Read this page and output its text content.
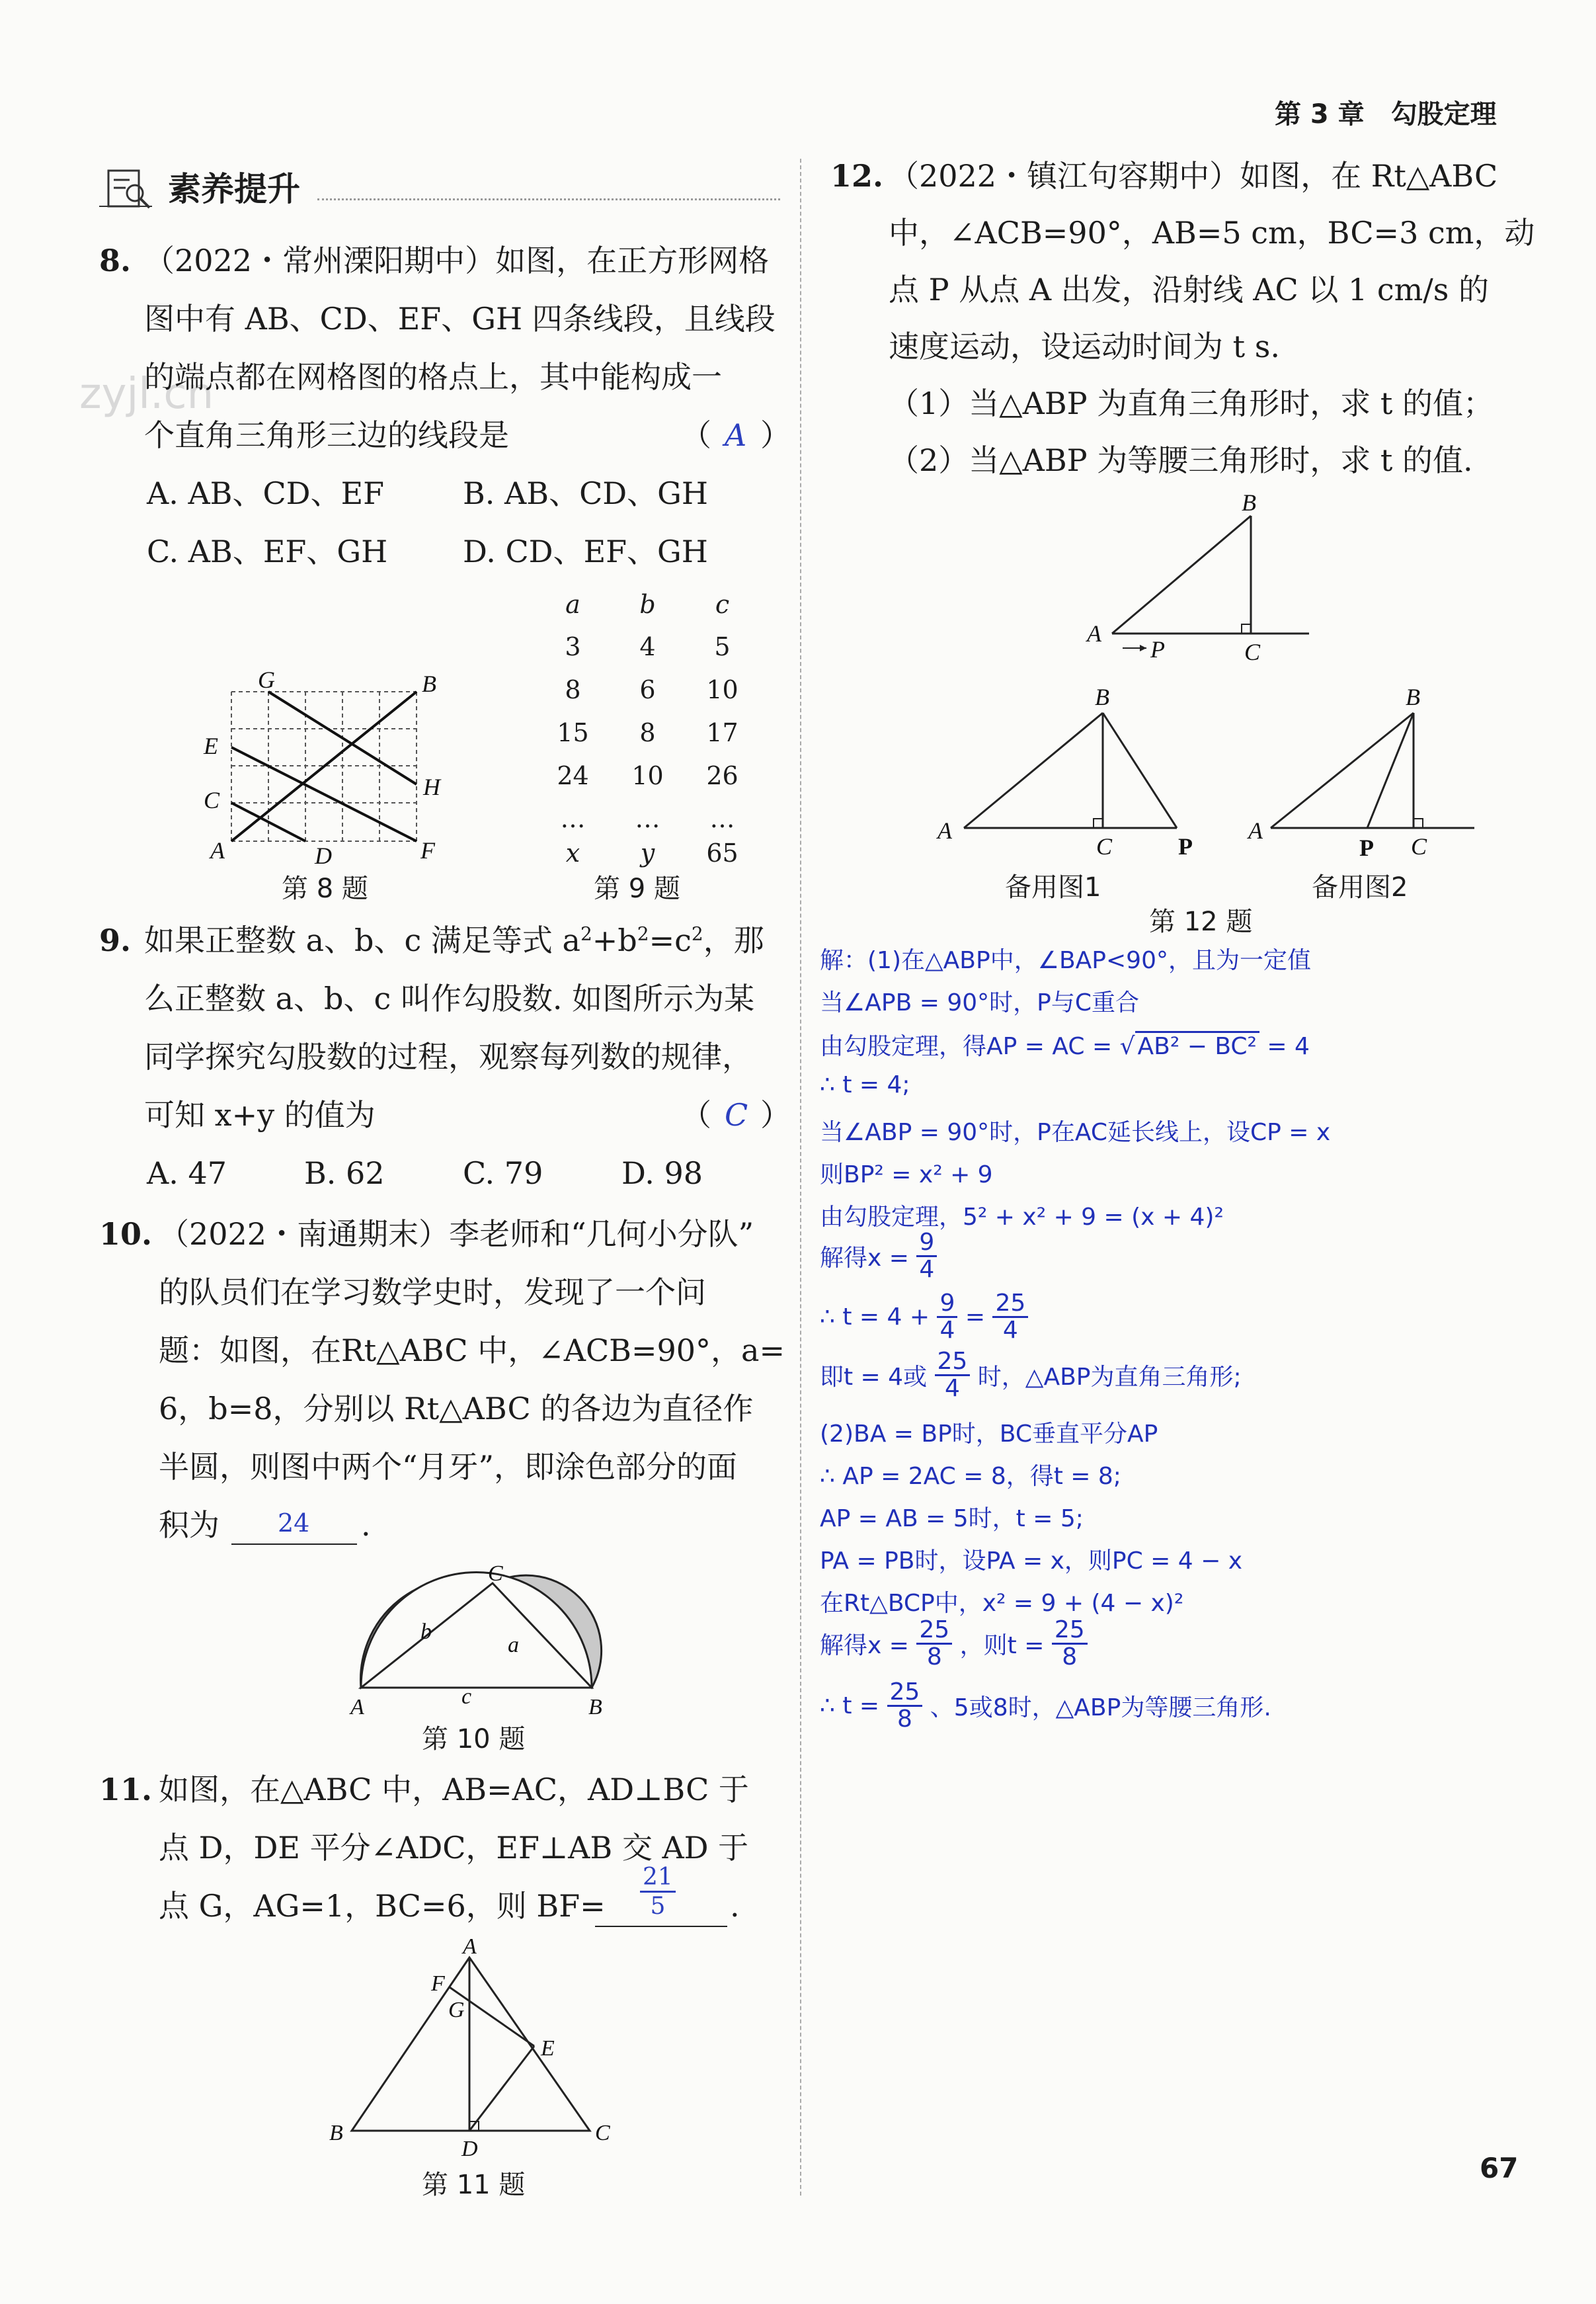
第 3 章　勾股定理
67
素养提升
zyjl.cn
8. （2022・常州溧阳期中）如图，在正方形网格
图中有 AB、CD、EF、GH 四条线段，且线段
的端点都在网格图的格点上，其中能构成一
个直角三角形三边的线段是	（ A ）
A. AB、CD、EF	B. AB、CD、GH
C. AB、EF、GH D. CD、EF、GH
G	B
E
C	H
A	D	F
第 8 题
a	b	c
3	4	5
8	6	10
15	8	17
24	10	26
…	…	…
x	y	65
第 9 题
9. 如果正整数 a、b、c 满足等式 $a^2+b^2=c^2$，那
么正整数 a、b、c 叫作勾股数. 如图所示为某
同学探究勾股数的过程，观察每列数的规律，
可知 x+y 的值为	（ C ）
A. 47	B. 62	C. 79	D. 98
10. （2022・南通期末）李老师和“几何小分队”
的队员们在学习数学史时，发现了一个问
题：如图，在Rt△ABC 中，∠ACB=90°，a=
6，b=8，分别以 Rt△ABC 的各边为直径作
半圆，则图中两个“月牙”，即涂色部分的面
积为 24 .
A	B
C
a
b
c
第 10 题
11. 如图，在△ABC 中，AB=AC，AD⊥BC 于
点 D，DE 平分∠ADC，EF⊥AB 交 AD 于
点 G，AG=1，BC=6，则 $BF= \frac{21}{5}$ .
A
F
G
E
B
D
C
第 11 题
12. （2022・镇江句容期中）如图，在 Rt△ABC
中，∠ACB=90°，AB=5 cm，BC=3 cm，动
点 P 从点 A 出发，沿射线 AC 以 1 cm/s 的
速度运动，设运动时间为 t s.
（1）当△ABP 为直角三角形时，求 t 的值；
（2）当△ABP 为等腰三角形时，求 t 的值.
B
A
P	C
B
A
C	P
备用图1
B
A
C
P
备用图2
第 12 题
解：(1)在△ABP中，∠BAP<90°，且为一定值
当∠APB = 90°时，P与C重合
由勾股定理，得AP = AC = √ AB² − BC² = 4
∴ t = 4;
当∠ABP = 90°时，P在AC延长线上，设CP = x
则BP² = x² + 9
由勾股定理，5² + x² + 9 = (x + 4)²
解得$x = \frac{9}{4}$
∴ $t = 4 + \frac{9}{4} = \frac{25}{4}$
即t = 4或 $\frac{25}{4}$ 时，△ABP为直角三角形;
(2)BA = BP时，BC垂直平分AP
∴ AP = 2AC = 8，得t = 8;
AP = AB = 5时，t = 5;
PA = PB时，设PA = x，则PC = 4 − x
在Rt△BCP中，x² = 9 + (4 − x)²
解得$x = \frac{25}{8}$ ，则$t = \frac{25}{8}$
∴ $t = \frac{25}{8}$ 、5或8时，△ABP为等腰三角形.
